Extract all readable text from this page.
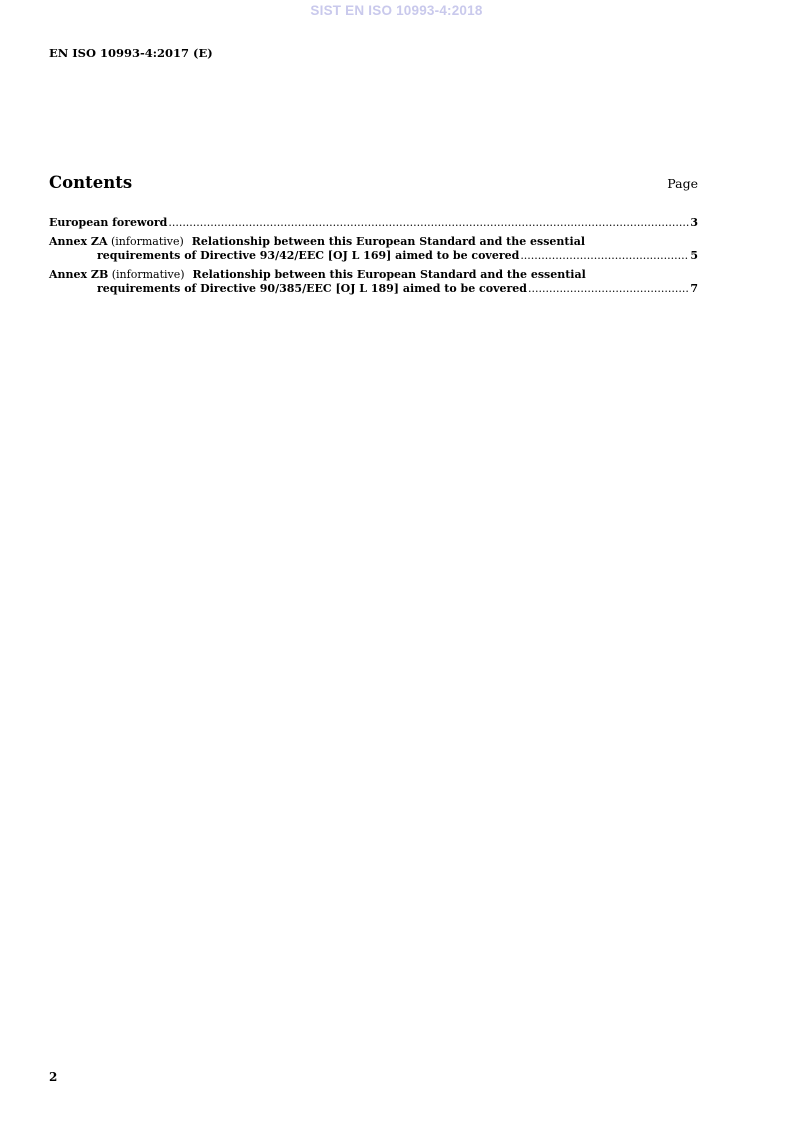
SIST EN ISO 10993-4:2018
EN ISO 10993-4:2017 (E)
Contents	Page
European foreword .....	3
Annex ZA (informative) Relationship between this European Standard and the essential
requirements of Directive 93/42/EEC [OJ L 169] aimed to be covered .....	5
Annex ZB (informative) Relationship between this European Standard and the essential
requirements of Directive 90/385/EEC [OJ L 189] aimed to be covered .....	7
2
